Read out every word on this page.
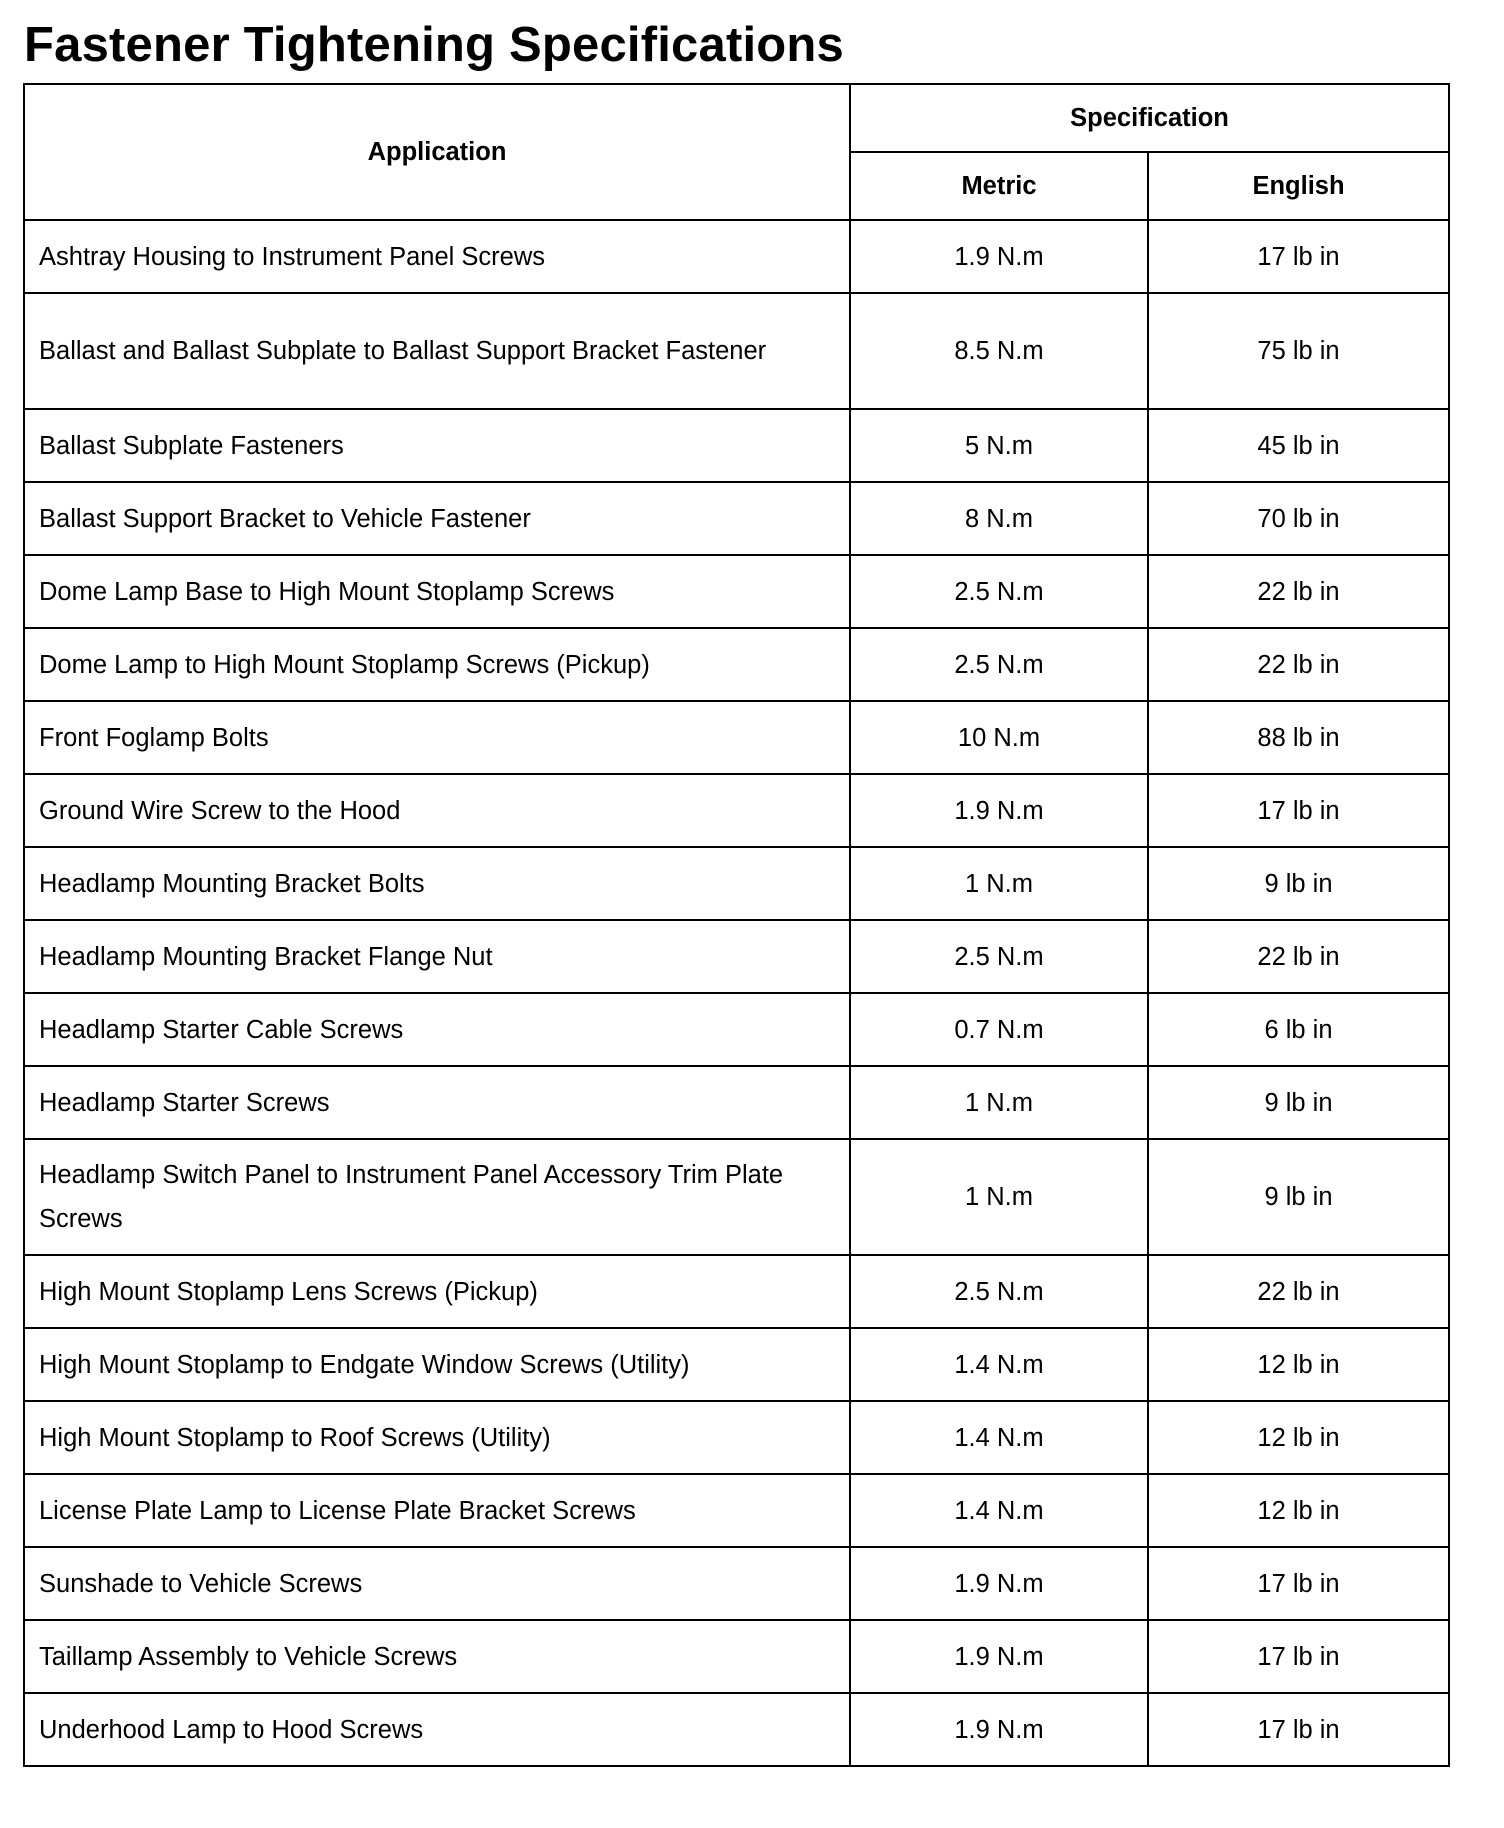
Fastener Tightening Specifications
Application	Specification	
	Metric	English
Ashtray Housing to Instrument Panel Screws	1.9 N.m	17 lb in
Ballast and Ballast Subplate to Ballast Support Bracket Fastener	8.5 N.m	75 lb in
Ballast Subplate Fasteners	5 N.m	45 lb in
Ballast Support Bracket to Vehicle Fastener	8 N.m	70 lb in
Dome Lamp Base to High Mount Stoplamp Screws	2.5 N.m	22 lb in
Dome Lamp to High Mount Stoplamp Screws (Pickup)	2.5 N.m	22 lb in
Front Foglamp Bolts	10 N.m	88 lb in
Ground Wire Screw to the Hood	1.9 N.m	17 lb in
Headlamp Mounting Bracket Bolts	1 N.m	9 lb in
Headlamp Mounting Bracket Flange Nut	2.5 N.m	22 lb in
Headlamp Starter Cable Screws	0.7 N.m	6 lb in
Headlamp Starter Screws	1 N.m	9 lb in
Headlamp Switch Panel to Instrument Panel Accessory Trim Plate Screws	1 N.m	9 lb in
High Mount Stoplamp Lens Screws (Pickup)	2.5 N.m	22 lb in
High Mount Stoplamp to Endgate Window Screws (Utility)	1.4 N.m	12 lb in
High Mount Stoplamp to Roof Screws (Utility)	1.4 N.m	12 lb in
License Plate Lamp to License Plate Bracket Screws	1.4 N.m	12 lb in
Sunshade to Vehicle Screws	1.9 N.m	17 lb in
Taillamp Assembly to Vehicle Screws	1.9 N.m	17 lb in
Underhood Lamp to Hood Screws	1.9 N.m	17 lb in
